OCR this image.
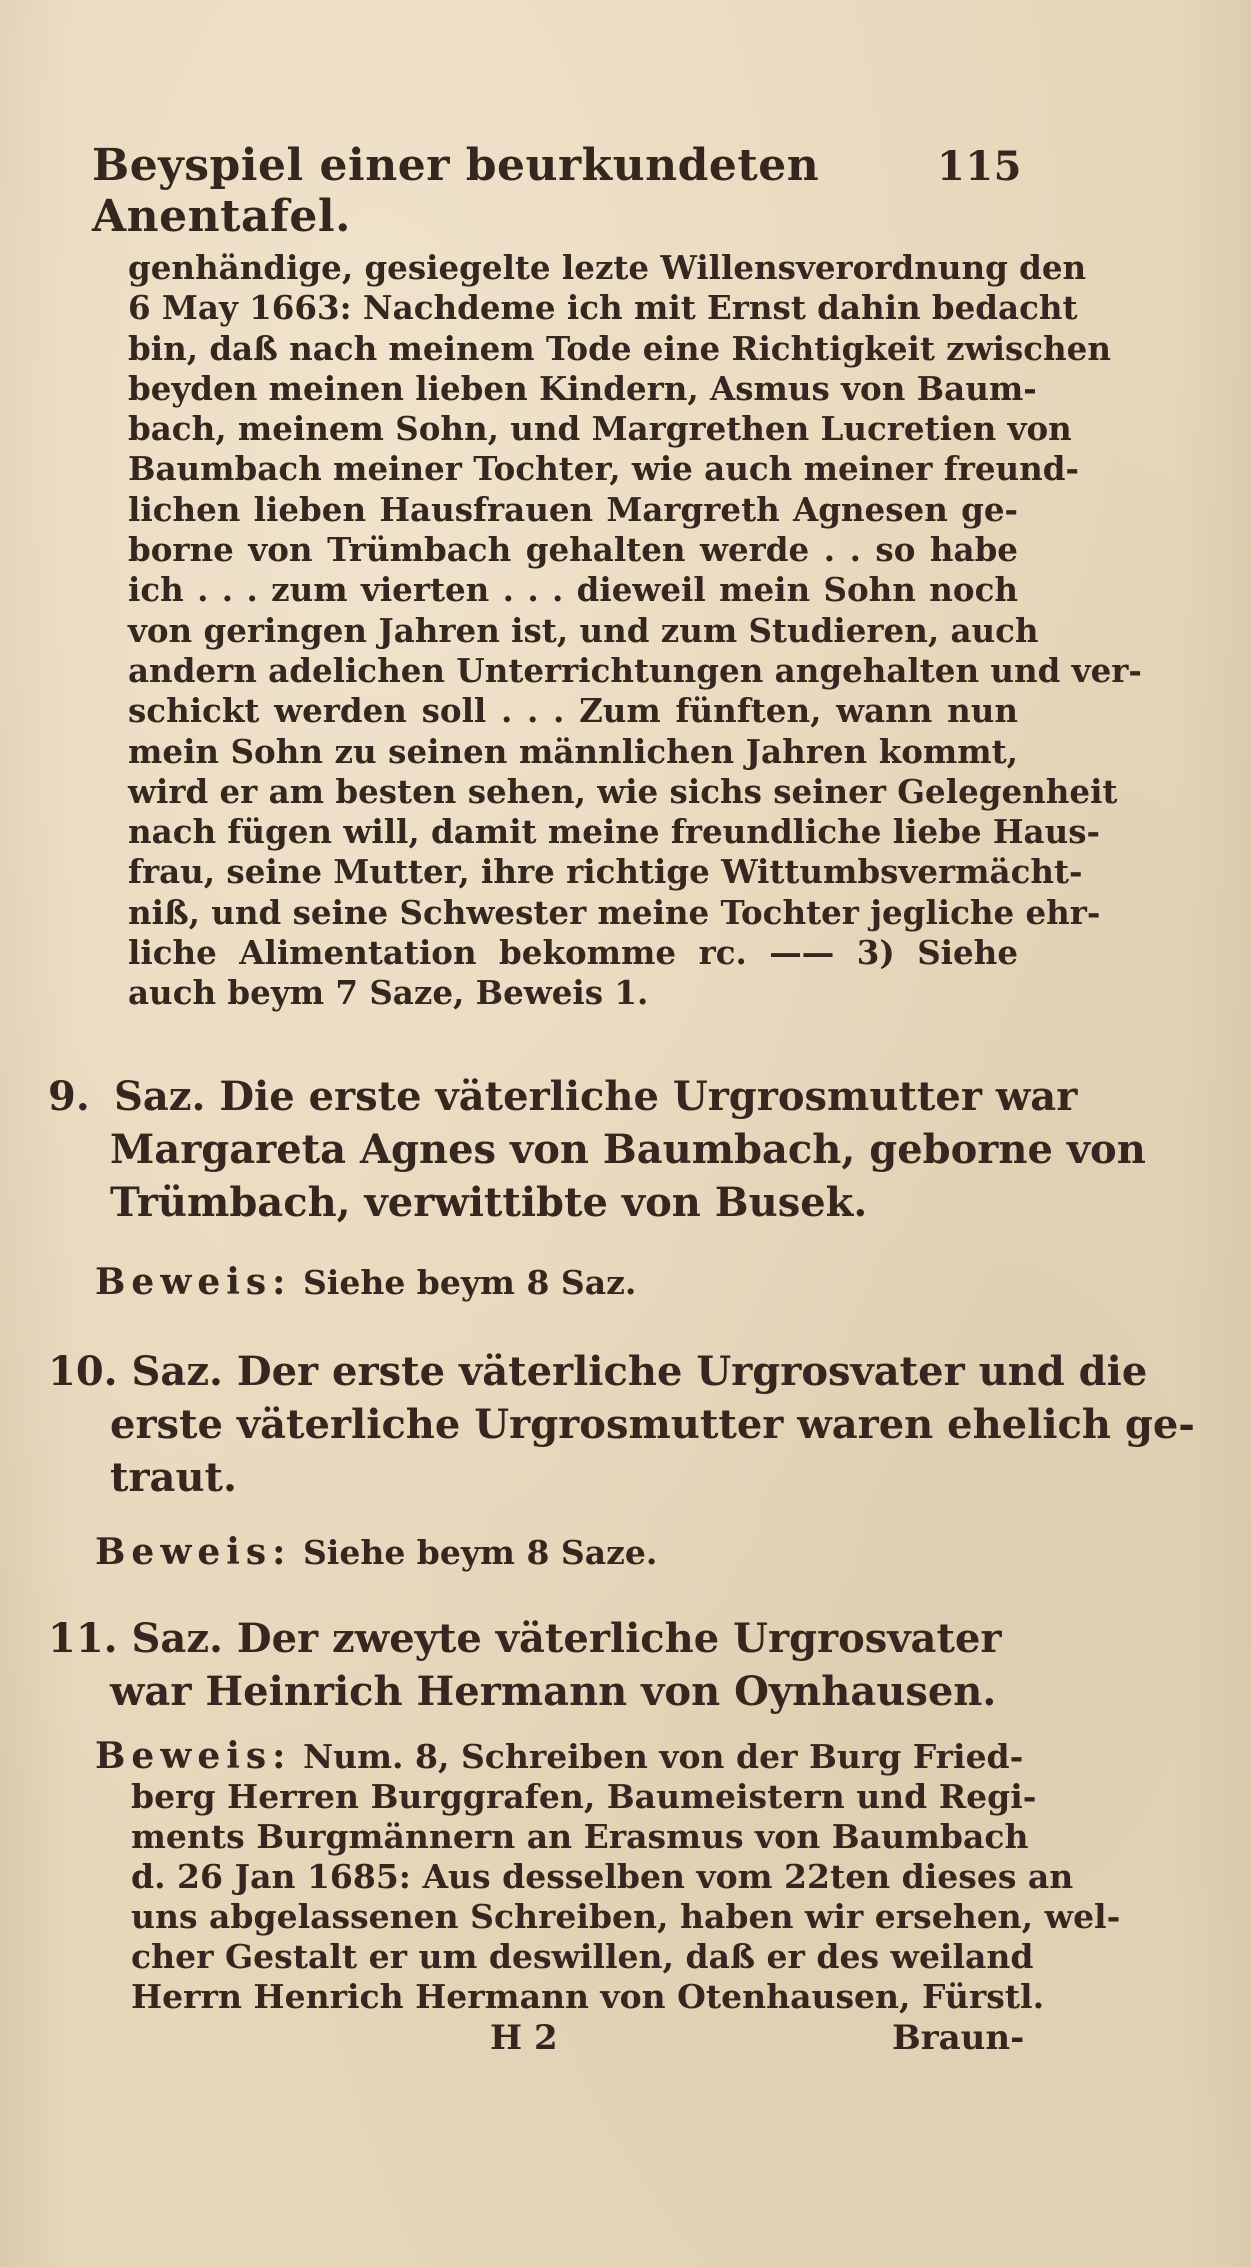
Beyspiel einer beurkundeten Anentafel.
115
genhändige, gesiegelte lezte Willensverordnung den
6 May 1663: Nachdeme ich mit Ernst dahin bedacht
bin, daß nach meinem Tode eine Richtigkeit zwischen
beyden meinen lieben Kindern, Asmus von Baum-
bach, meinem Sohn, und Margrethen Lucretien von
Baumbach meiner Tochter, wie auch meiner freund-
lichen lieben Hausfrauen Margreth Agnesen ge-
borne von Trümbach gehalten werde . . so habe
ich . . . zum vierten . . . dieweil mein Sohn noch
von geringen Jahren ist, und zum Studieren, auch
andern adelichen Unterrichtungen angehalten und ver-
schickt werden soll . . . Zum fünften, wann nun
mein Sohn zu seinen männlichen Jahren kommt,
wird er am besten sehen, wie sichs seiner Gelegenheit
nach fügen will, damit meine freundliche liebe Haus-
frau, seine Mutter, ihre richtige Wittumbsvermächt-
niß, und seine Schwester meine Tochter jegliche ehr-
liche Alimentation bekomme rc. —— 3) Siehe
auch beym 7 Saze, Beweis 1.
9. Saz. Die erste väterliche Urgrosmutter war
Margareta Agnes von Baumbach, geborne von
Trümbach, verwittibte von Busek.
Beweis: Siehe beym 8 Saz.
10. Saz. Der erste väterliche Urgrosvater und die
erste väterliche Urgrosmutter waren ehelich ge-
traut.
Beweis: Siehe beym 8 Saze.
11. Saz. Der zweyte väterliche Urgrosvater
war Heinrich Hermann von Oynhausen.
Beweis: Num. 8, Schreiben von der Burg Fried-
berg Herren Burggrafen, Baumeistern und Regi-
ments Burgmännern an Erasmus von Baumbach
d. 26 Jan 1685: Aus desselben vom 22ten dieses an
uns abgelassenen Schreiben, haben wir ersehen, wel-
cher Gestalt er um deswillen, daß er des weiland
Herrn Henrich Hermann von Otenhausen, Fürstl.
H 2	Braun-
